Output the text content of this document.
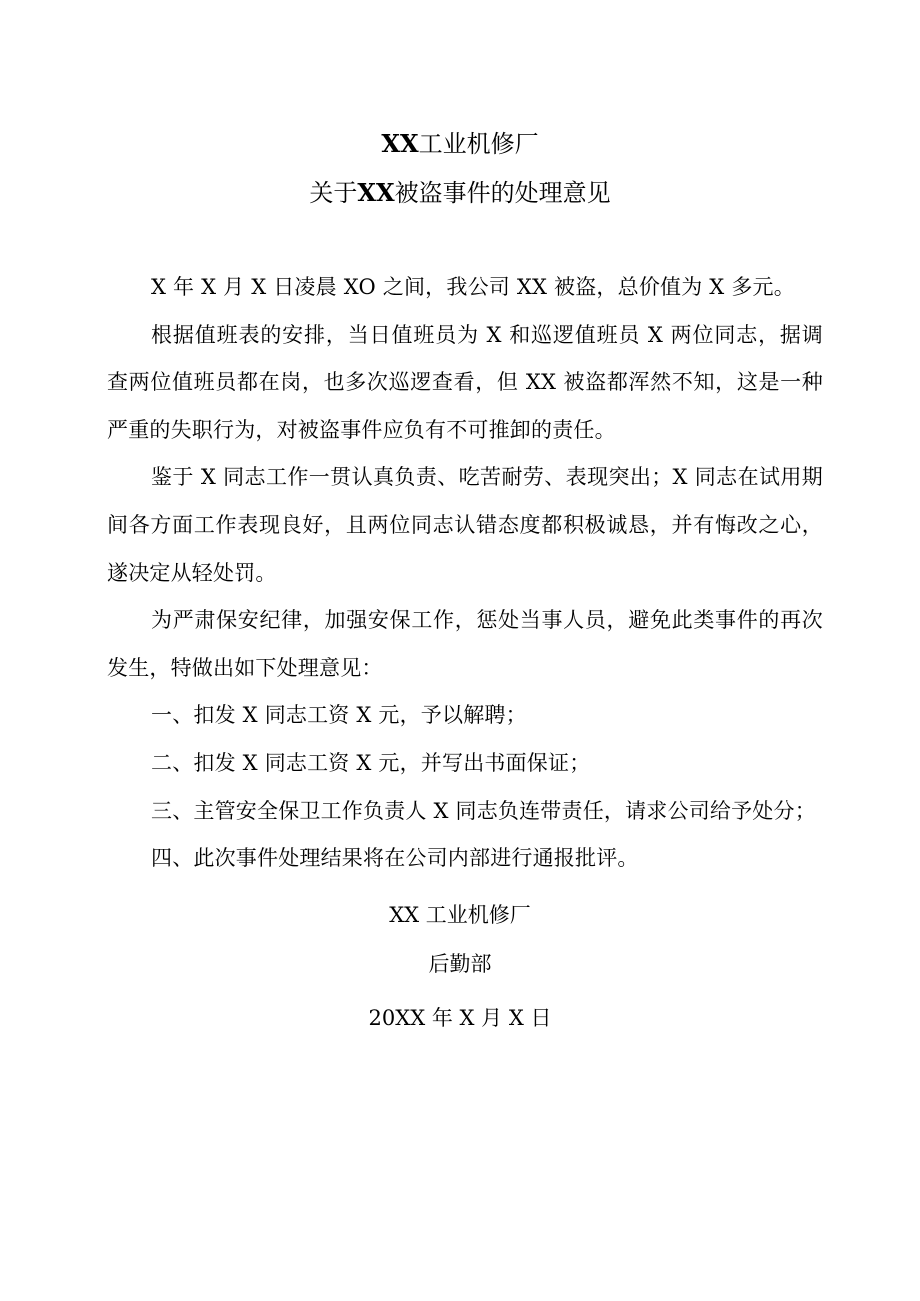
XX工业机修厂
关于XX被盗事件的处理意见

X 年 X 月 X 日凌晨 XO 之间，我公司 XX 被盗，总价值为 X 多元。

根据值班表的安排，当日值班员为 X 和巡逻值班员 X 两位同志，据调查两位值班员都在岗，也多次巡逻查看，但 XX 被盗都浑然不知，这是一种严重的失职行为，对被盗事件应负有不可推卸的责任。

鉴于 X 同志工作一贯认真负责、吃苦耐劳、表现突出；X 同志在试用期间各方面工作表现良好，且两位同志认错态度都积极诚恳，并有悔改之心，遂决定从轻处罚。

为严肃保安纪律，加强安保工作，惩处当事人员，避免此类事件的再次发生，特做出如下处理意见：

一、扣发 X 同志工资 X 元，予以解聘；

二、扣发 X 同志工资 X 元，并写出书面保证；

三、主管安全保卫工作负责人 X 同志负连带责任，请求公司给予处分；

四、此次事件处理结果将在公司内部进行通报批评。

XX 工业机修厂
后勤部
20XX 年 X 月 X 日
